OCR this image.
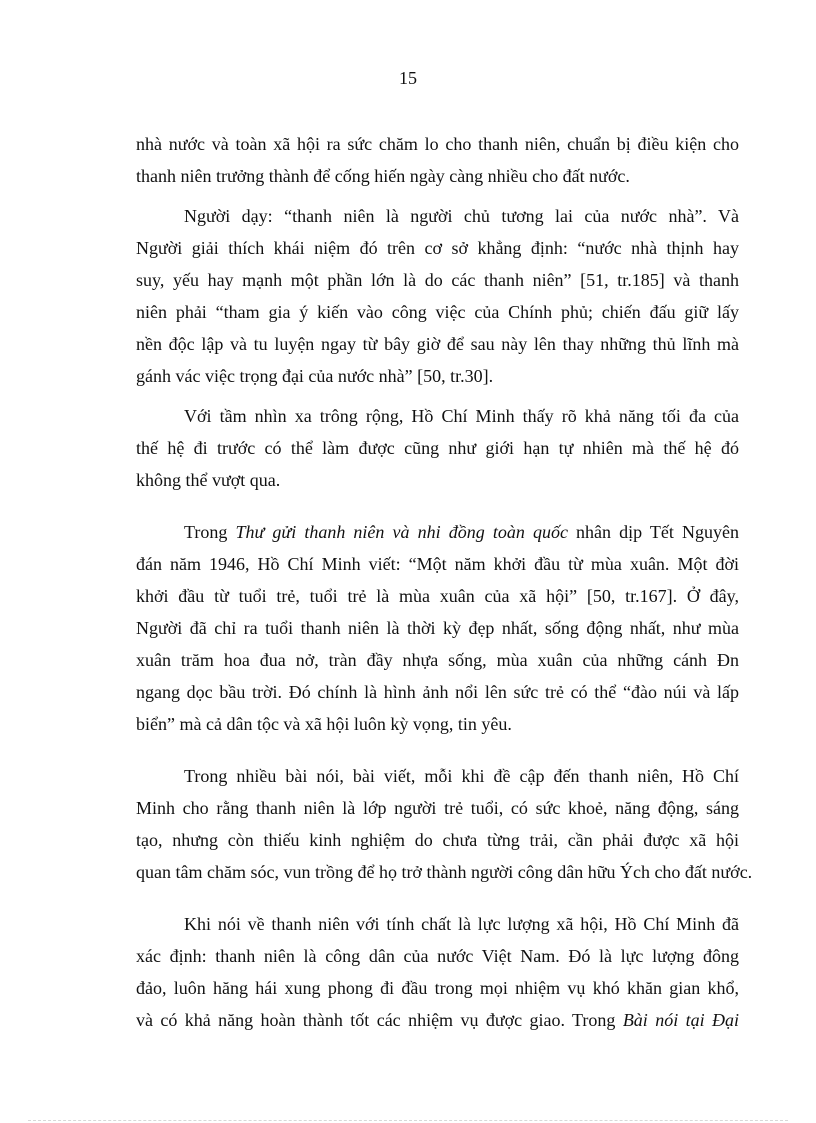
15

nhà nước và toàn xã hội ra sức chăm lo cho thanh niên, chuẩn bị điều kiện cho
thanh niên trưởng thành để cống hiến ngày càng nhiều cho đất nước.

Người dạy: “thanh niên là người chủ tương lai của nước nhà”. Và
Người giải thích khái niệm đó trên cơ sở khẳng định: “nước nhà thịnh hay
suy, yếu hay mạnh một phần lớn là do các thanh niên” [51, tr.185] và thanh
niên phải “tham gia ý kiến vào công việc của Chính phủ; chiến đấu giữ lấy
nền độc lập và tu luyện ngay từ bây giờ để sau này lên thay những thủ lĩnh mà
gánh vác việc trọng đại của nước nhà” [50, tr.30].

Với tầm nhìn xa trông rộng, Hồ Chí Minh thấy rõ khả năng tối đa của
thế hệ đi trước có thể làm được cũng như giới hạn tự nhiên mà thế hệ đó
không thể vượt qua.

Trong Thư gửi thanh niên và nhi đồng toàn quốc nhân dịp Tết Nguyên
đán năm 1946, Hồ Chí Minh viết: “Một năm khởi đầu từ mùa xuân. Một đời
khởi đầu từ tuổi trẻ, tuổi trẻ là mùa xuân của xã hội” [50, tr.167]. Ở đây,
Người đã chỉ ra tuổi thanh niên là thời kỳ đẹp nhất, sống động nhất, như mùa
xuân trăm hoa đua nở, tràn đầy nhựa sống, mùa xuân của những cánh Ðn
ngang dọc bầu trời. Đó chính là hình ảnh nổi lên sức trẻ có thể “đào núi và lấp
biển” mà cả dân tộc và xã hội luôn kỳ vọng, tin yêu.

Trong nhiều bài nói, bài viết, mỗi khi đề cập đến thanh niên, Hồ Chí
Minh cho rằng thanh niên là lớp người trẻ tuổi, có sức khoẻ, năng động, sáng
tạo, nhưng còn thiếu kinh nghiệm do chưa từng trải, cần phải được xã hội
quan tâm chăm sóc, vun trồng để họ trở thành người công dân hữu Ých cho đất nước.

Khi nói về thanh niên với tính chất là lực lượng xã hội, Hồ Chí Minh đã
xác định: thanh niên là công dân của nước Việt Nam. Đó là lực lượng đông
đảo, luôn hăng hái xung phong đi đầu trong mọi nhiệm vụ khó khăn gian khổ,
và có khả năng hoàn thành tốt các nhiệm vụ được giao. Trong Bài nói tại Đại
